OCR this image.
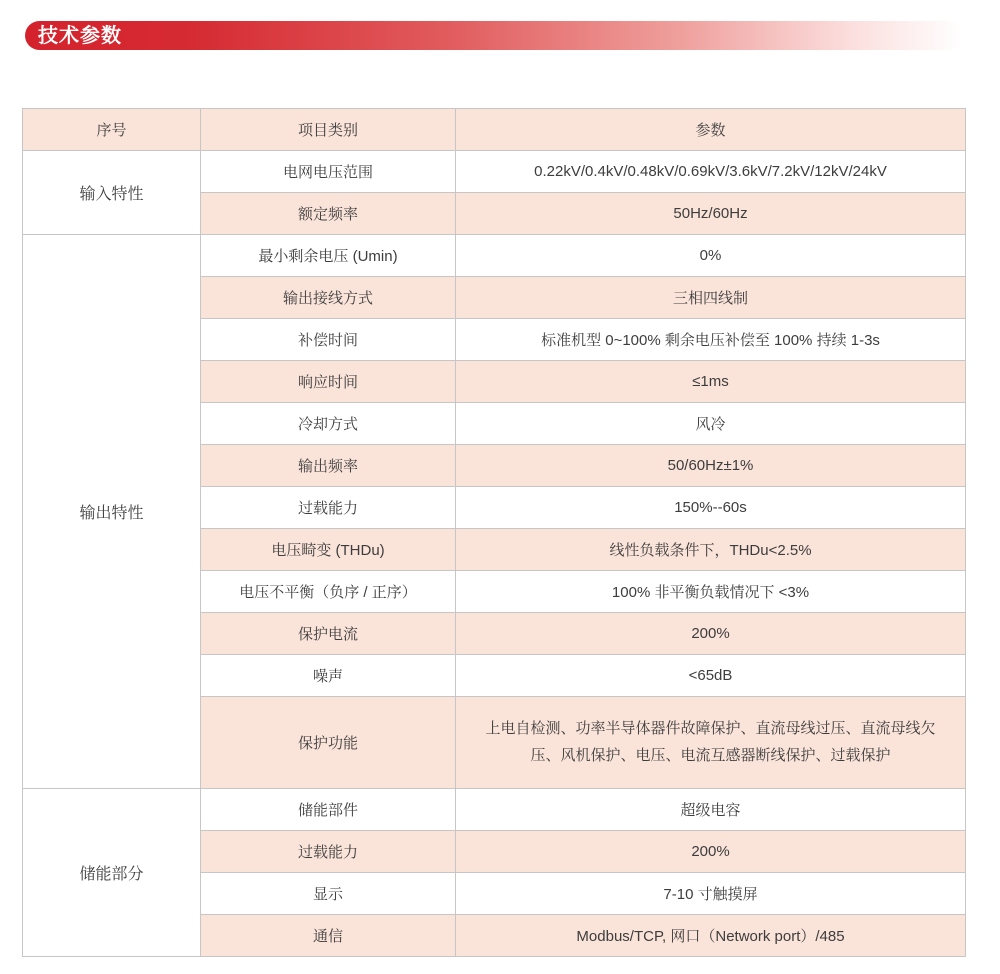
技术参数
序号	项目类别	参数
输入特性	电网电压范围	0.22kV/0.4kV/0.48kV/0.69kV/3.6kV/7.2kV/12kV/24kV
	额定频率	50Hz/60Hz
输出特性	最小剩余电压 (Umin)	0%
	输出接线方式	三相四线制
	补偿时间	标准机型 0~100% 剩余电压补偿至 100% 持续 1-3s
	响应时间	≤1ms
	冷却方式	风冷
	输出频率	50/60Hz±1%
	过载能力	150%--60s
	电压畸变 (THDu)	线性负载条件下，THDu<2.5%
	电压不平衡（负序 / 正序）	100% 非平衡负载情况下 <3%
	保护电流	200%
	噪声	<65dB
	保护功能	上电自检测、功率半导体器件故障保护、直流母线过压、直流母线欠压、风机保护、电压、电流互感器断线保护、过载保护
储能部分	储能部件	超级电容
	过载能力	200%
	显示	7-10 寸触摸屏
	通信	Modbus/TCP, 网口（Network port）/485
